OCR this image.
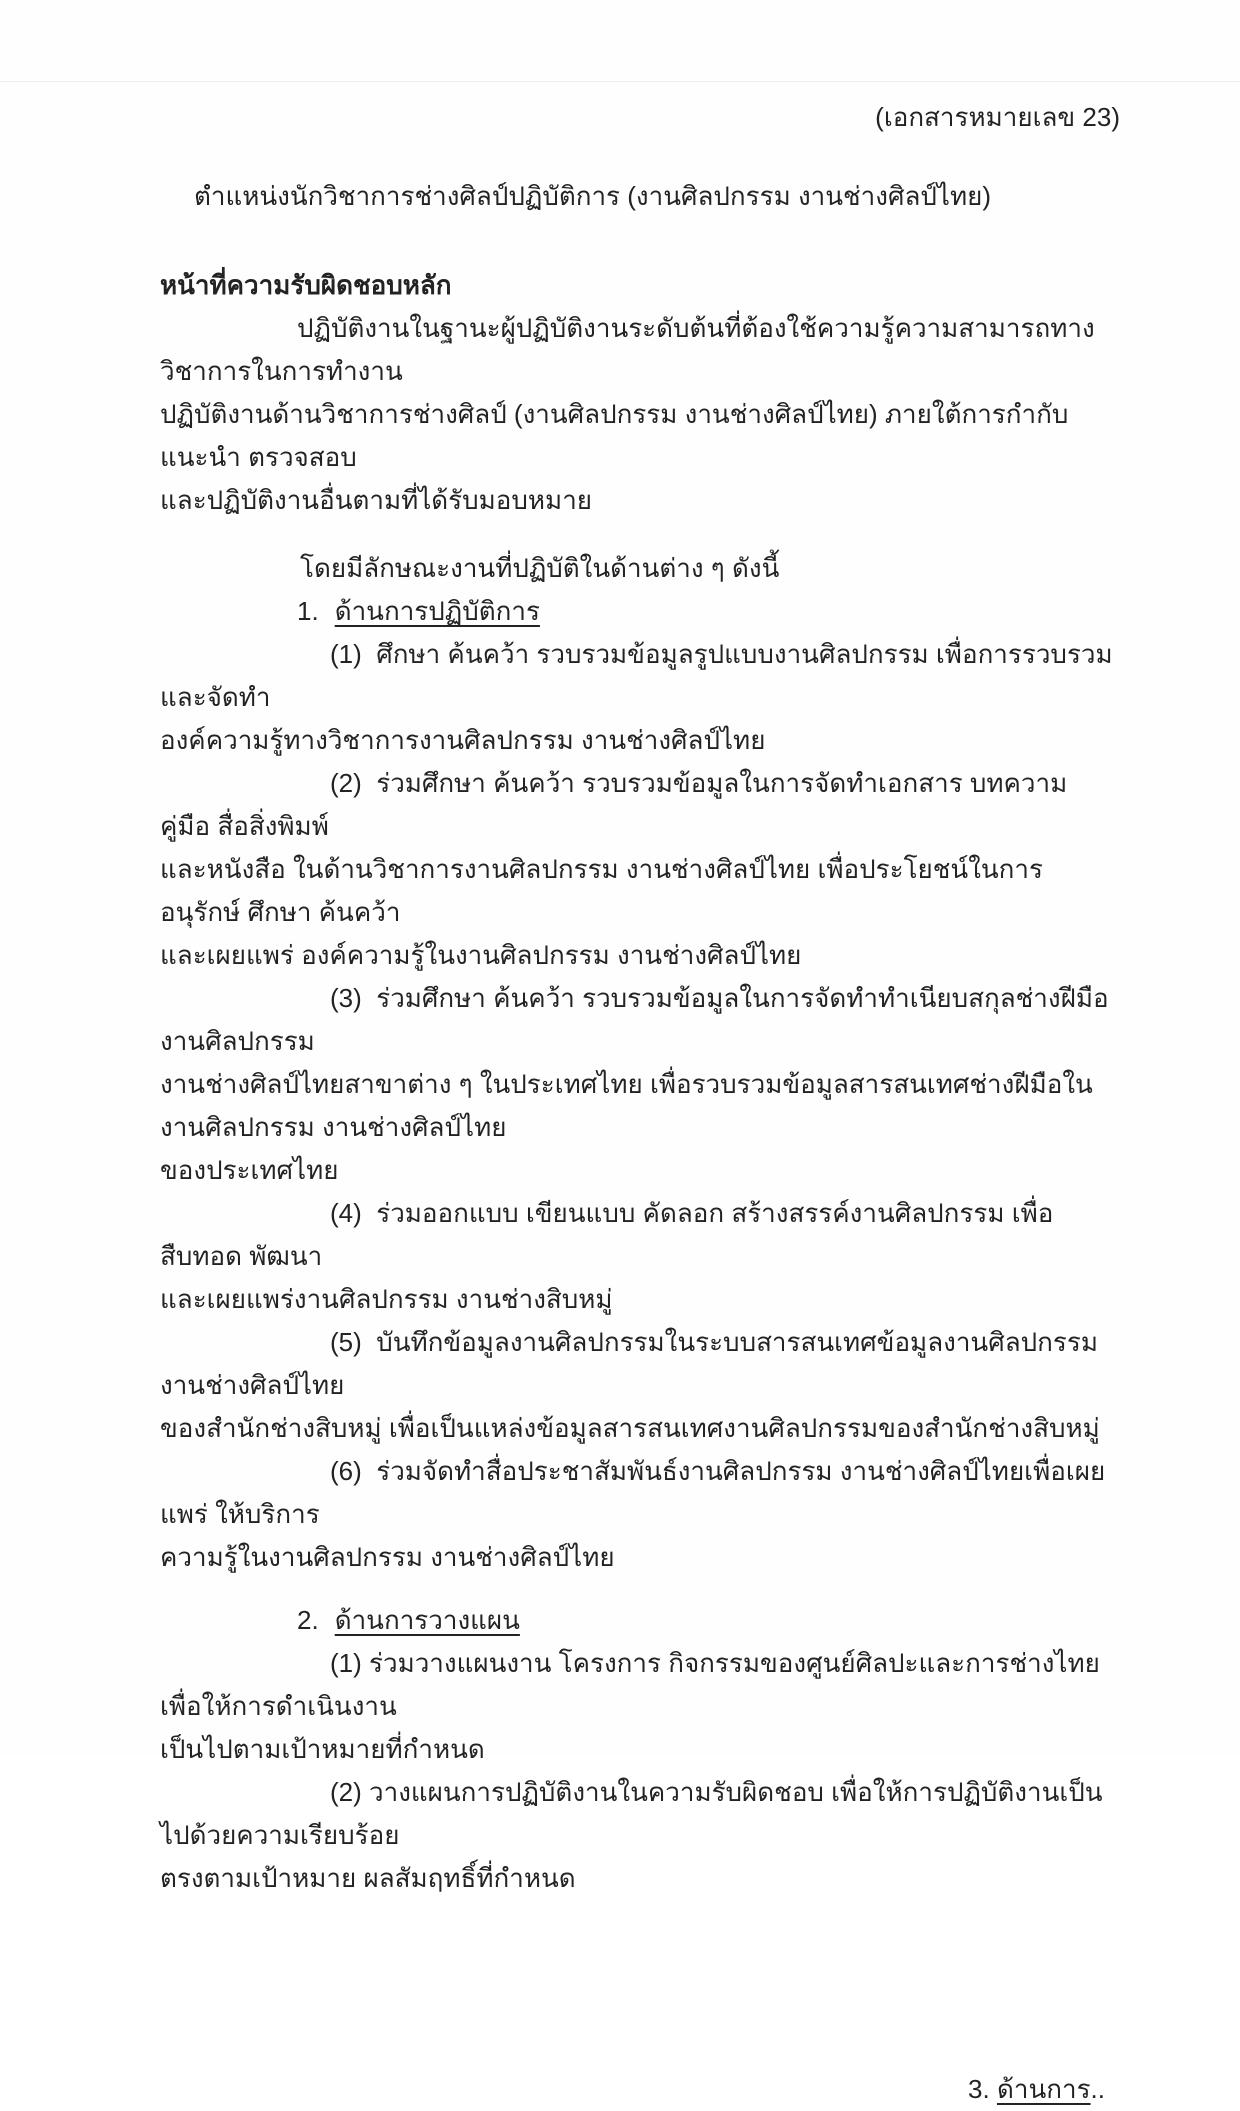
(เอกสารหมายเลข 23)
ตำแหน่งนักวิชาการช่างศิลป์ปฏิบัติการ (งานศิลปกรรม งานช่างศิลป์ไทย)
หน้าที่ความรับผิดชอบหลัก
ปฏิบัติงานในฐานะผู้ปฏิบัติงานระดับต้นที่ต้องใช้ความรู้ความสามารถทางวิชาการในการทำงาน
ปฏิบัติงานด้านวิชาการช่างศิลป์ (งานศิลปกรรม งานช่างศิลป์ไทย) ภายใต้การกำกับ แนะนำ ตรวจสอบ
และปฏิบัติงานอื่นตามที่ได้รับมอบหมาย
โดยมีลักษณะงานที่ปฏิบัติในด้านต่าง ๆ ดังนี้
1. ด้านการปฏิบัติการ
(1)  ศึกษา ค้นคว้า รวบรวมข้อมูลรูปแบบงานศิลปกรรม เพื่อการรวบรวมและจัดทำ
องค์ความรู้ทางวิชาการงานศิลปกรรม งานช่างศิลป์ไทย
(2)  ร่วมศึกษา ค้นคว้า รวบรวมข้อมูลในการจัดทำเอกสาร บทความ คู่มือ สื่อสิ่งพิมพ์
และหนังสือ ในด้านวิชาการงานศิลปกรรม งานช่างศิลป์ไทย เพื่อประโยชน์ในการอนุรักษ์ ศึกษา ค้นคว้า
และเผยแพร่ องค์ความรู้ในงานศิลปกรรม งานช่างศิลป์ไทย
(3)  ร่วมศึกษา ค้นคว้า รวบรวมข้อมูลในการจัดทำทำเนียบสกุลช่างฝีมืองานศิลปกรรม
งานช่างศิลป์ไทยสาขาต่าง ๆ ในประเทศไทย เพื่อรวบรวมข้อมูลสารสนเทศช่างฝีมือในงานศิลปกรรม งานช่างศิลป์ไทย
ของประเทศไทย
(4)  ร่วมออกแบบ เขียนแบบ คัดลอก สร้างสรรค์งานศิลปกรรม เพื่อสืบทอด พัฒนา
และเผยแพร่งานศิลปกรรม งานช่างสิบหมู่
(5)  บันทึกข้อมูลงานศิลปกรรมในระบบสารสนเทศข้อมูลงานศิลปกรรม งานช่างศิลป์ไทย
ของสำนักช่างสิบหมู่ เพื่อเป็นแหล่งข้อมูลสารสนเทศงานศิลปกรรมของสำนักช่างสิบหมู่
(6)  ร่วมจัดทำสื่อประชาสัมพันธ์งานศิลปกรรม งานช่างศิลป์ไทยเพื่อเผยแพร่ ให้บริการ
ความรู้ในงานศิลปกรรม งานช่างศิลป์ไทย
2. ด้านการวางแผน
(1) ร่วมวางแผนงาน โครงการ กิจกรรมของศูนย์ศิลปะและการช่างไทย เพื่อให้การดำเนินงาน
เป็นไปตามเป้าหมายที่กำหนด
(2) วางแผนการปฏิบัติงานในความรับผิดชอบ เพื่อให้การปฏิบัติงานเป็นไปด้วยความเรียบร้อย
ตรงตามเป้าหมาย ผลสัมฤทธิ์ที่กำหนด
3. ด้านการ..
